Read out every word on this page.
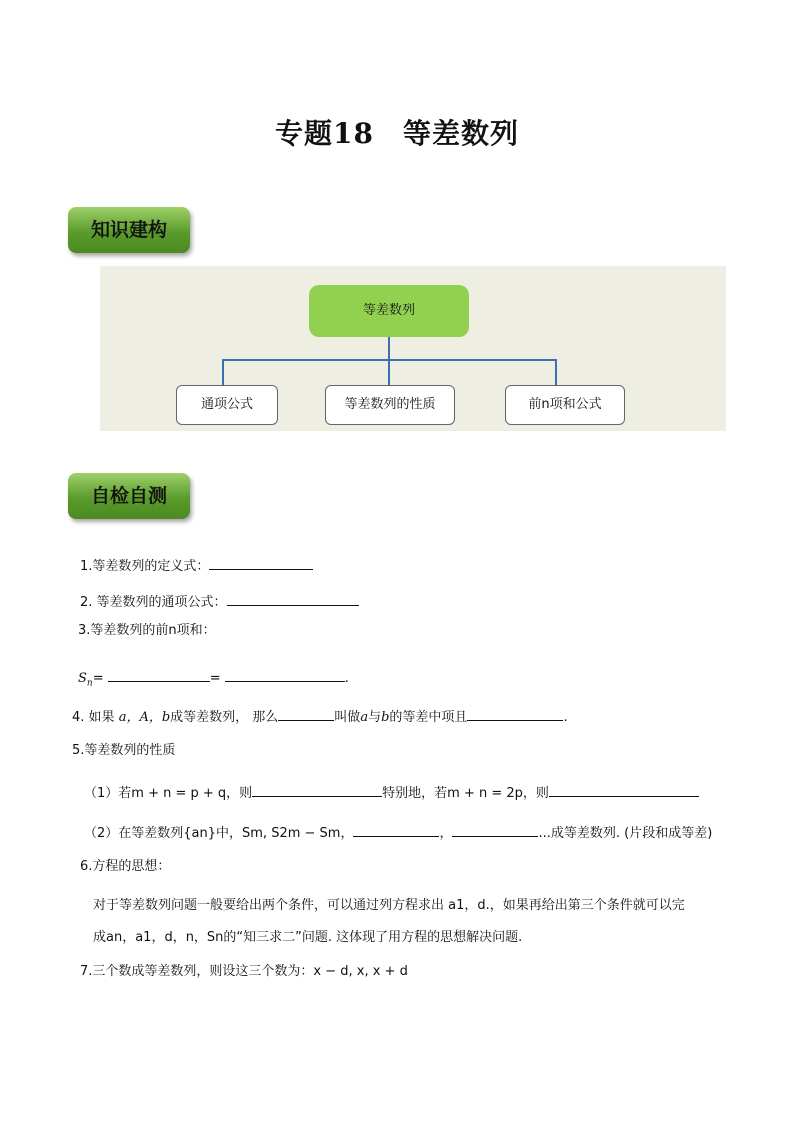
专题18　等差数列
知识建构
等差数列
通项公式	等差数列的性质	前n项和公式
自检自测
1.等差数列的定义式：
2. 等差数列的通项公式：
3.等差数列的前n项和：
$S_n=$	=	.
4. 如果 a，A，b成等差数列， 那么	叫做a与b的等差中项且	.
5.等差数列的性质
（1）若m + n = p + q，则	特别地，若m + n = 2p，则
（2）在等差数列{an}中，Sm, S2m − Sm，	，	...成等差数列. (片段和成等差)
6.方程的思想：
对于等差数列问题一般要给出两个条件，可以通过列方程求出 a1，d.，如果再给出第三个条件就可以完
成an，a1，d，n，Sn的“知三求二”问题. 这体现了用方程的思想解决问题.
7.三个数成等差数列，则设这三个数为：x − d, x, x + d
